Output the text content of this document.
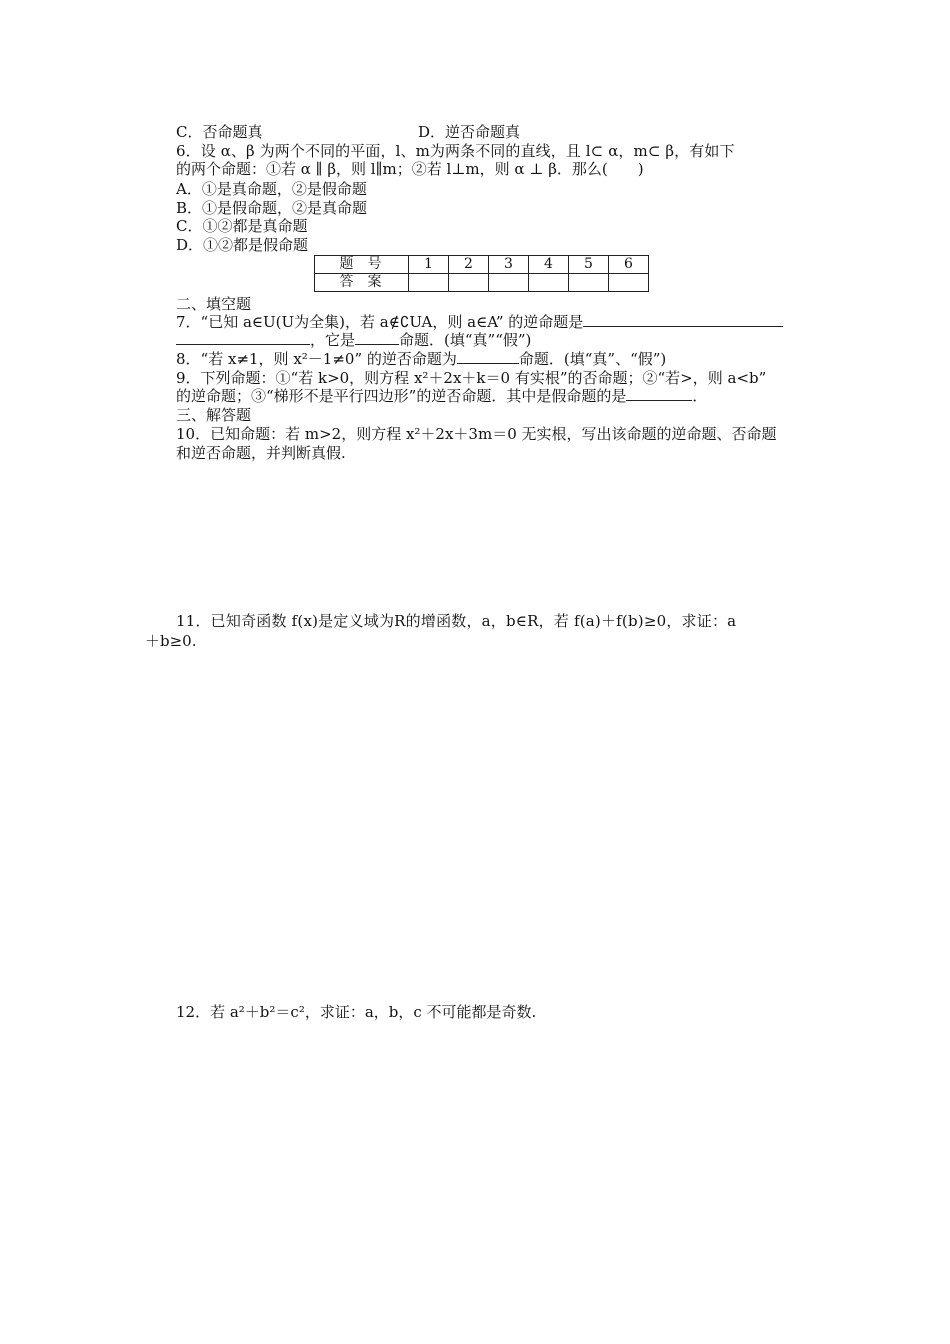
C．否命题真	D．逆否命题真
6．设 α、β 为两个不同的平面，l、m为两条不同的直线，且 l⊂ α，m⊂ β，有如下
的两个命题：①若 α ∥ β，则 l∥m；②若 l⊥m，则 α ⊥ β．那么(　　)
A．①是真命题，②是假命题
B．①是假命题，②是真命题
C．①②都是真命题
D．①②都是假命题
题号	1	2	3	4	5	6
答案						
二、填空题
7．“已知 a∈U(U为全集)，若 a∉∁UA，则 a∈A” 的逆命题是
，它是	命题．(填“真”“假”)
8．“若 x≠1，则 x²－1≠0” 的逆否命题为	命题．(填“真”、“假”)
9．下列命题：①“若 k>0，则方程 x²＋2x＋k＝0 有实根”的否命题；②“若>，则 a<b”
的逆命题；③“梯形不是平行四边形”的逆否命题．其中是假命题的是	．
三、解答题
10．已知命题：若 m>2，则方程 x²＋2x＋3m＝0 无实根，写出该命题的逆命题、否命题
和逆否命题，并判断真假.
11．已知奇函数 f(x)是定义域为R的增函数，a，b∈R，若 f(a)＋f(b)≥0，求证：a
＋b≥0.
12．若 a²＋b²＝c²，求证：a，b，c 不可能都是奇数.
